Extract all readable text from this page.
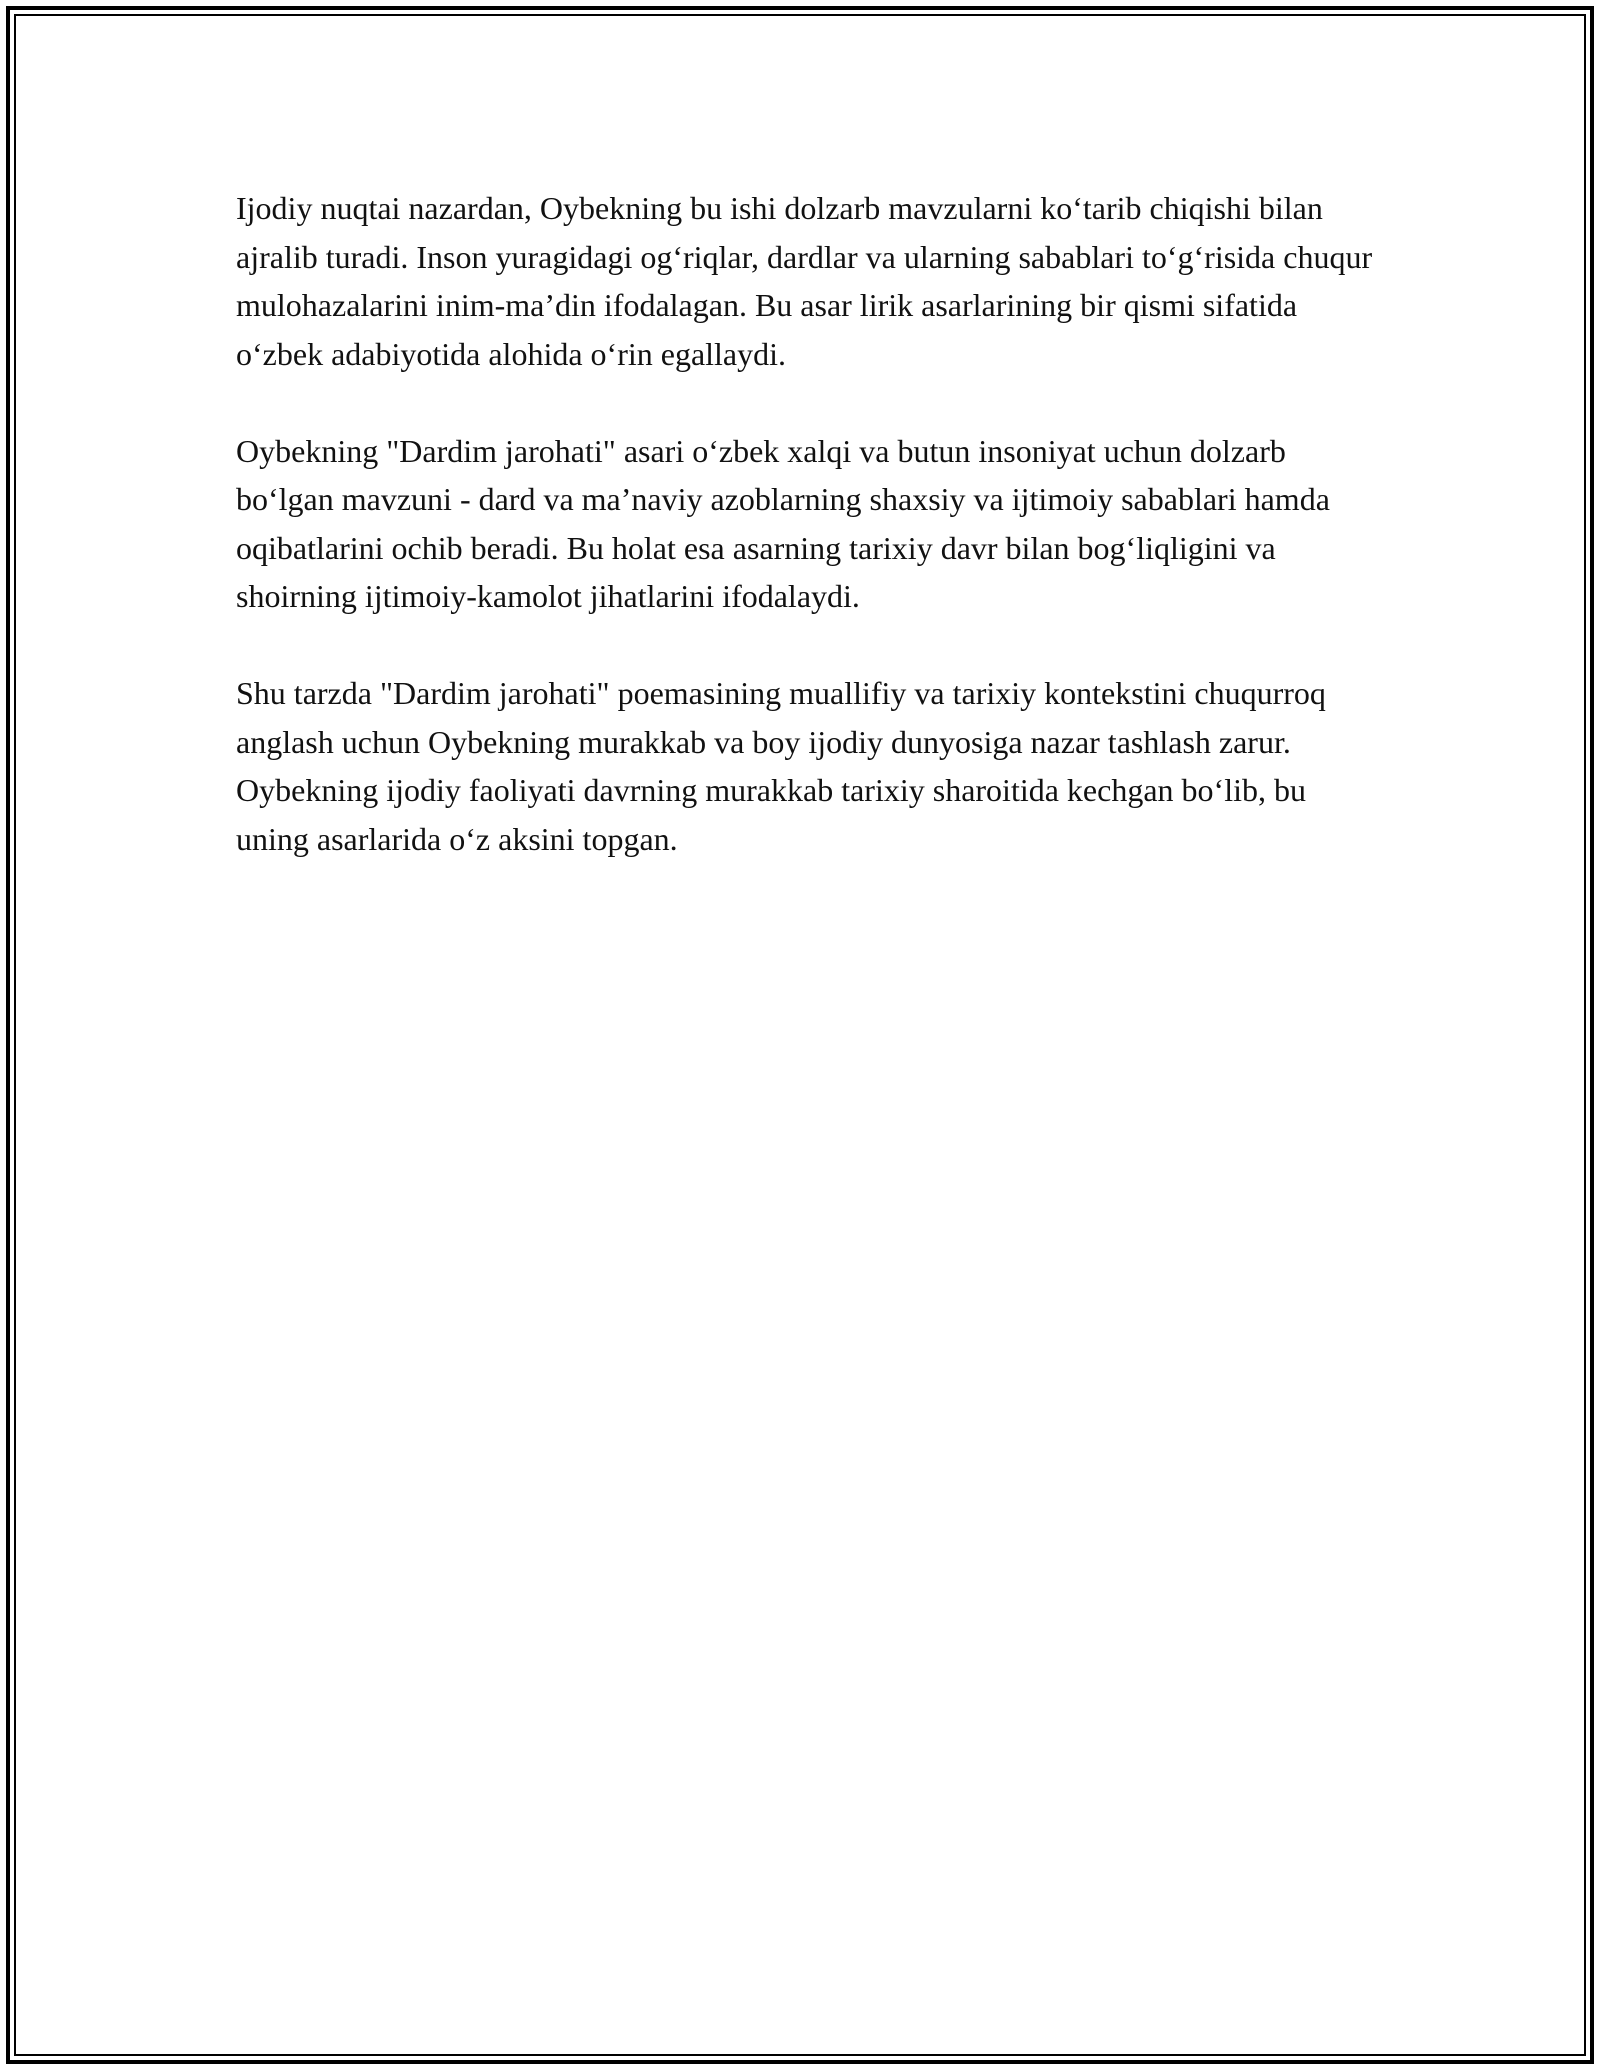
Ijodiy nuqtai nazardan, Oybekning bu ishi dolzarb mavzularni ko‘tarib chiqishi bilan ajralib turadi. Inson yuragidagi og‘riqlar, dardlar va ularning sabablari to‘g‘risida chuqur mulohazalarini inim-ma’din ifodalagan. Bu asar lirik asarlarining bir qismi sifatida o‘zbek adabiyotida alohida o‘rin egallaydi.

Oybekning "Dardim jarohati" asari o‘zbek xalqi va butun insoniyat uchun dolzarb bo‘lgan mavzuni - dard va ma’naviy azoblarning shaxsiy va ijtimoiy sabablari hamda oqibatlarini ochib beradi. Bu holat esa asarning tarixiy davr bilan bog‘liqligini va shoirning ijtimoiy-kamolot jihatlarini ifodalaydi.

Shu tarzda "Dardim jarohati" poemasining muallifiy va tarixiy kontekstini chuqurroq anglash uchun Oybekning murakkab va boy ijodiy dunyosiga nazar tashlash zarur. Oybekning ijodiy faoliyati davrning murakkab tarixiy sharoitida kechgan bo‘lib, bu uning asarlarida o‘z aksini topgan.
